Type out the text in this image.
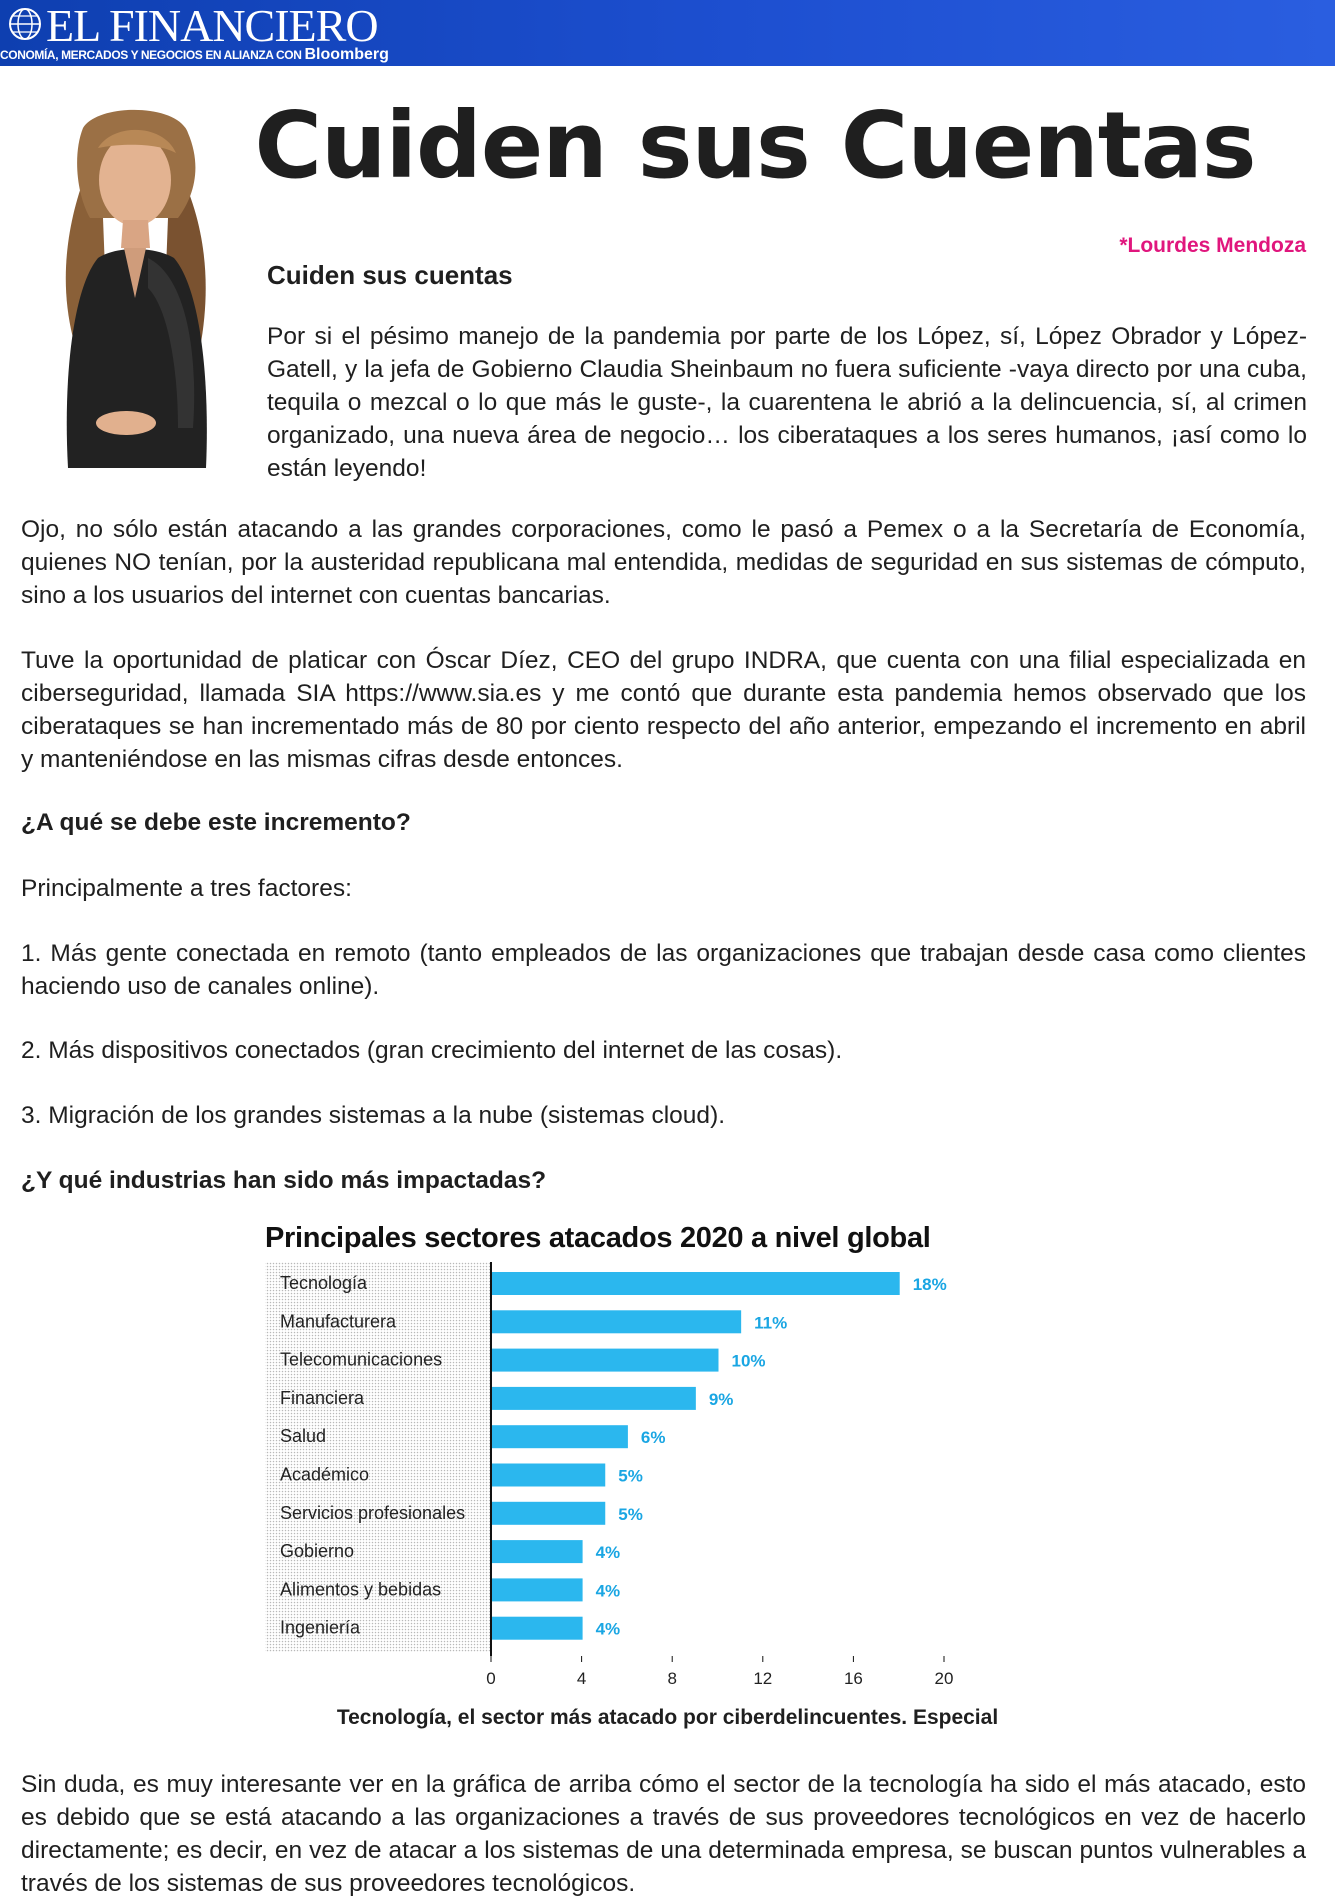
EL FINANCIERO
CONOMÍA, MERCADOS Y NEGOCIOS EN ALIANZA CON Bloomberg
Cuiden sus Cuentas
*Lourdes Mendoza
Cuiden sus cuentas
Por si el pésimo manejo de la pandemia por parte de los López, sí, López Obrador y López-Gatell, y la jefa de Gobierno Claudia Sheinbaum no fuera suficiente -vaya directo por una cuba, tequila o mezcal o lo que más le guste-, la cuarentena le abrió a la delincuencia, sí, al crimen organizado, una nueva área de negocio… los ciberataques a los seres humanos, ¡así como lo están leyendo!
Ojo, no sólo están atacando a las grandes corporaciones, como le pasó a Pemex o a la Secretaría de Economía, quienes NO tenían, por la austeridad republicana mal entendida, medidas de seguridad en sus sistemas de cómputo, sino a los usuarios del internet con cuentas bancarias.
Tuve la oportunidad de platicar con Óscar Díez, CEO del grupo INDRA, que cuenta con una filial especializada en ciberseguridad, llamada SIA https://www.sia.es y me contó que durante esta pandemia hemos observado que los ciberataques se han incrementado más de 80 por ciento respecto del año anterior, empezando el incremento en abril y manteniéndose en las mismas cifras desde entonces.
¿A qué se debe este incremento?
Principalmente a tres factores:
1. Más gente conectada en remoto (tanto empleados de las organizaciones que trabajan desde casa como clientes haciendo uso de canales online).
2. Más dispositivos conectados (gran crecimiento del internet de las cosas).
3. Migración de los grandes sistemas a la nube (sistemas cloud).
¿Y qué industrias han sido más impactadas?
Principales sectores atacados 2020 a nivel global
Tecnología	18%
Manufacturera	11%
Telecomunicaciones	10%
Financiera	9%
Salud	6%
Académico	5%
Servicios profesionales	5%
Gobierno	4%
Alimentos y bebidas	4%
Ingeniería	4%
0	4	8	12	16	20
Tecnología, el sector más atacado por ciberdelincuentes. Especial
Sin duda, es muy interesante ver en la gráfica de arriba cómo el sector de la tecnología ha sido el más atacado, esto es debido que se está atacando a las organizaciones a través de sus proveedores tecnológicos en vez de hacerlo directamente; es decir, en vez de atacar a los sistemas de una determinada empresa, se buscan puntos vulnerables a través de los sistemas de sus proveedores tecnológicos.
